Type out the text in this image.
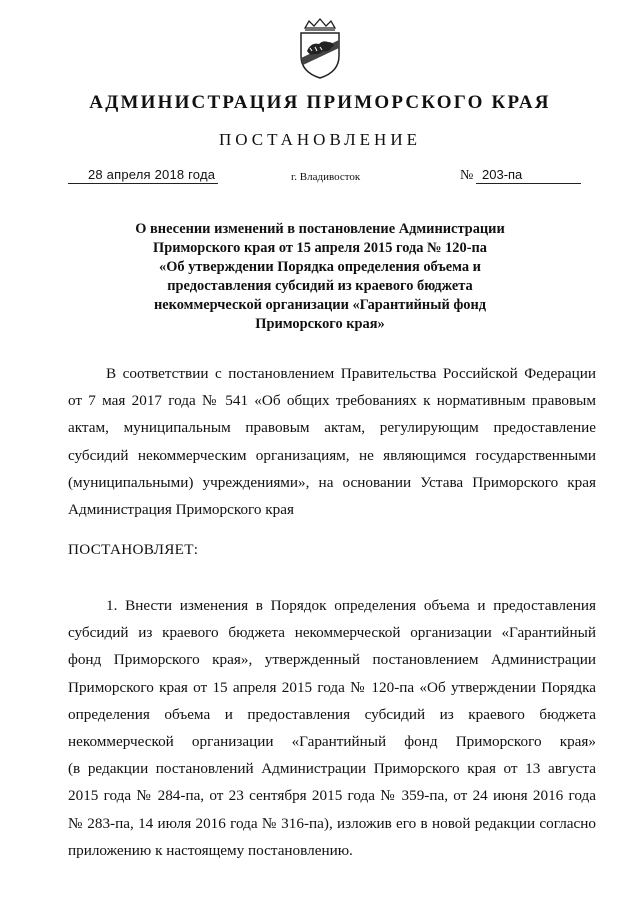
АДМИНИСТРАЦИЯ ПРИМОРСКОГО КРАЯ
ПОСТАНОВЛЕНИЕ
28 апреля 2018 года	г. Владивосток	№ 203-па
О внесении изменений в постановление Администрации
Приморского края от 15 апреля 2015 года № 120-па
«Об утверждении Порядка определения объема и
предоставления субсидий из краевого бюджета
некоммерческой организации «Гарантийный фонд
Приморского края»
В соответствии с постановлением Правительства Российской Федерации
от 7 мая 2017 года № 541 «Об общих требованиях к нормативным правовым
актам, муниципальным правовым актам, регулирующим предоставление
субсидий некоммерческим организациям, не являющимся государственными
(муниципальными) учреждениями», на основании Устава Приморского края
Администрация Приморского края
ПОСТАНОВЛЯЕТ:
1. Внести изменения в Порядок определения объема и предоставления
субсидий из краевого бюджета некоммерческой организации «Гарантийный
фонд Приморского края», утвержденный постановлением Администрации
Приморского края от 15 апреля 2015 года № 120-па «Об утверждении Порядка
определения объема и предоставления субсидий из краевого бюджета
некоммерческой организации «Гарантийный фонд Приморского края»
(в редакции постановлений Администрации Приморского края от 13 августа
2015 года № 284-па, от 23 сентября 2015 года № 359-па, от 24 июня 2016 года
№ 283-па, 14 июля 2016 года № 316-па), изложив его в новой редакции согласно
приложению к настоящему постановлению.
